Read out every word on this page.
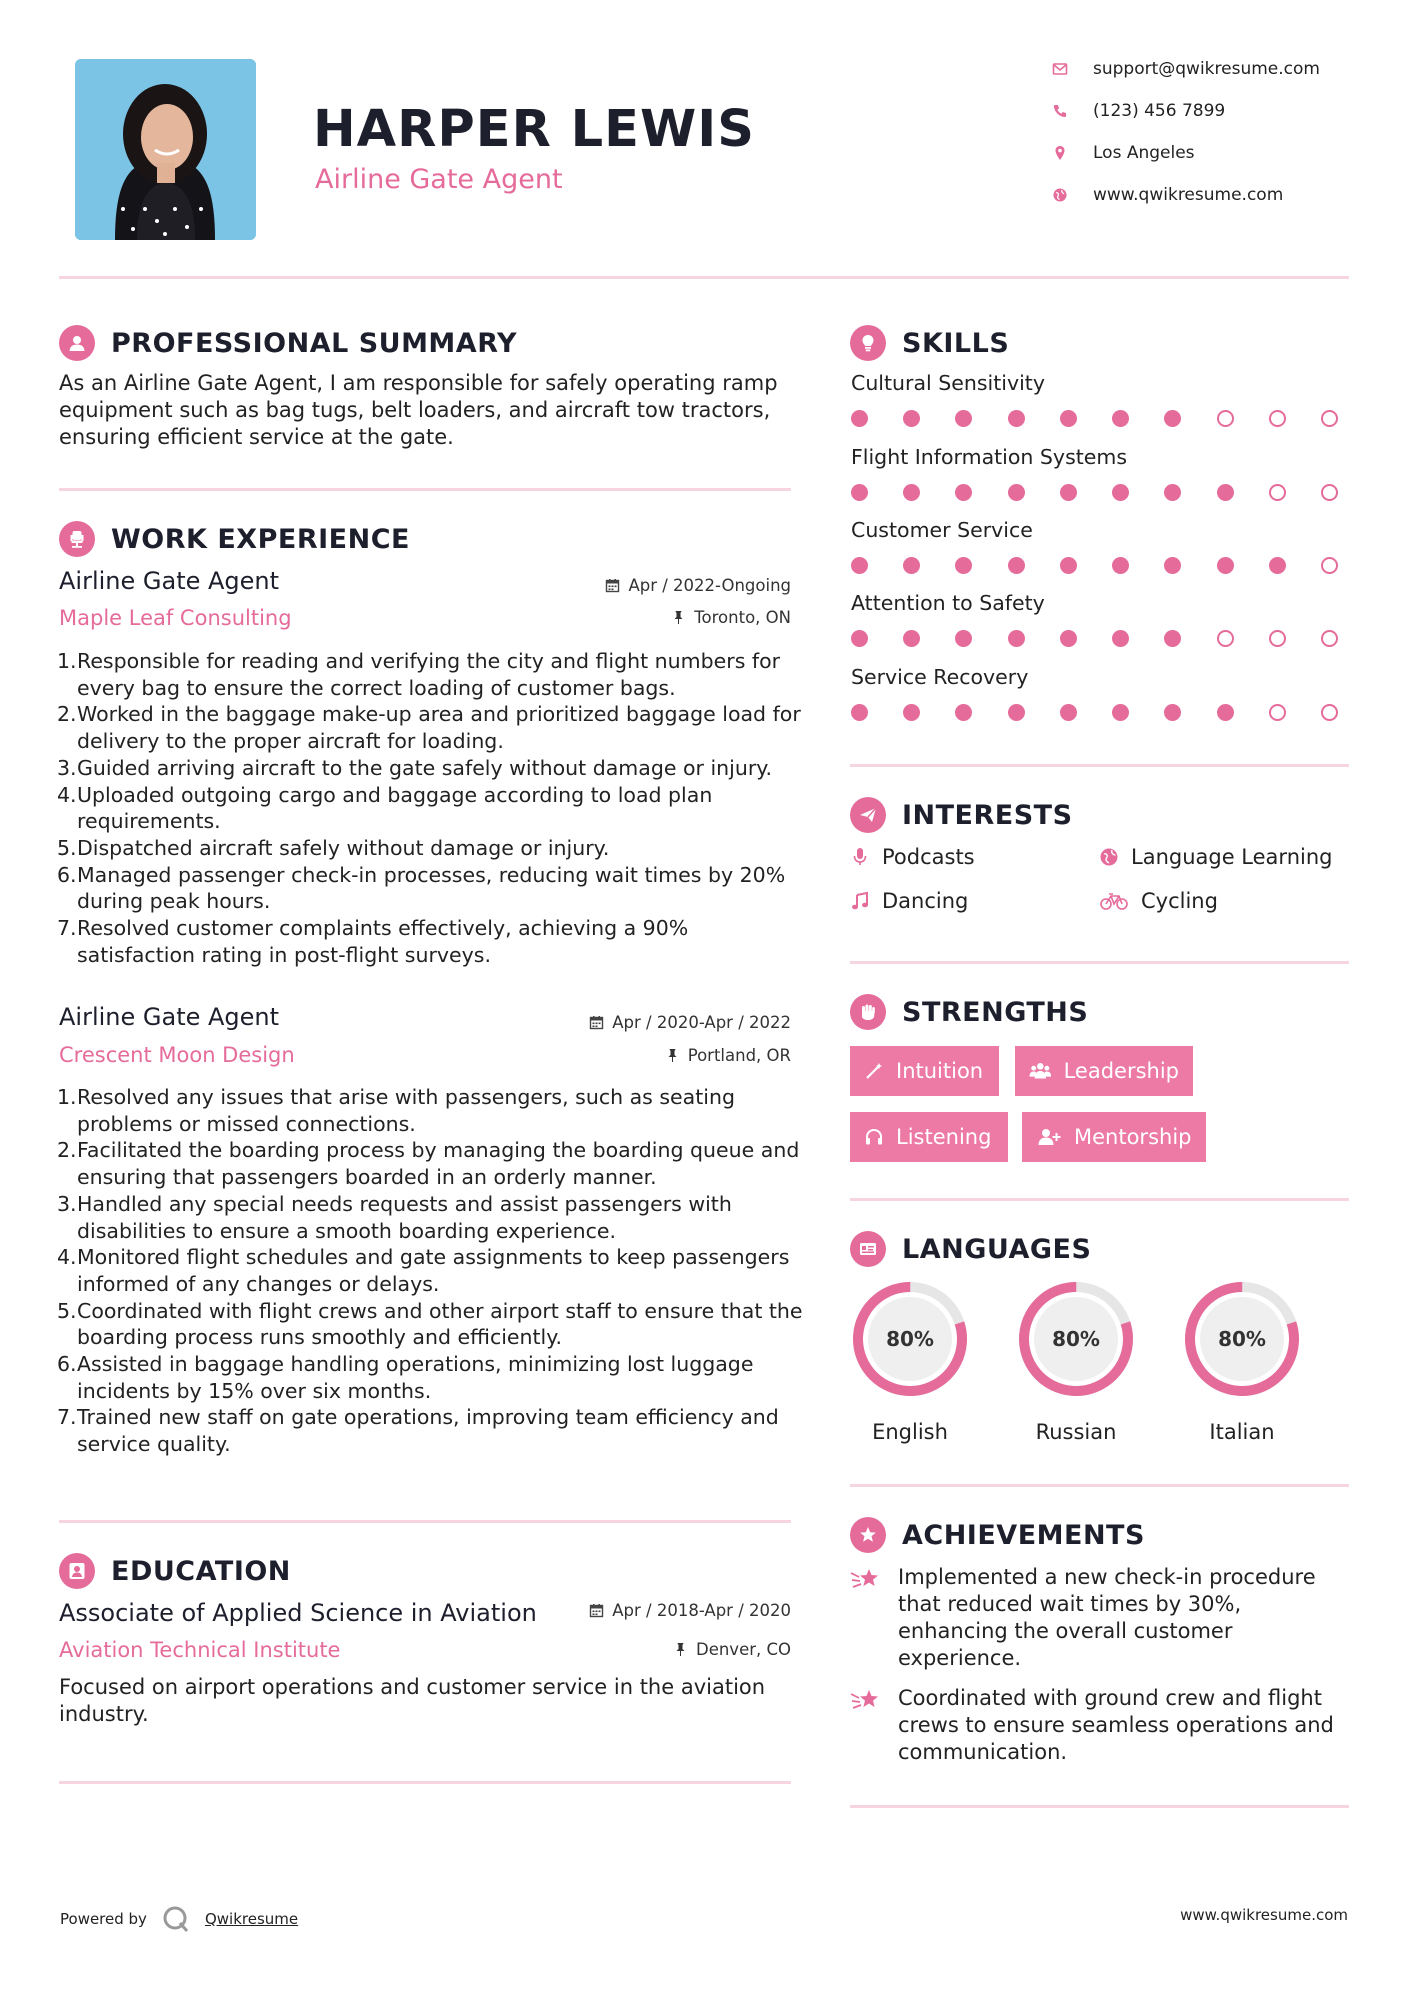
HARPER LEWIS
Airline Gate Agent
support@qwikresume.com
(123) 456 7899
Los Angeles
www.qwikresume.com
PROFESSIONAL SUMMARY
As an Airline Gate Agent, I am responsible for safely operating ramp equipment such as bag tugs, belt loaders, and aircraft tow tractors, ensuring efficient service at the gate.
WORK EXPERIENCE
Airline Gate Agent	Apr / 2022-Ongoing
Maple Leaf Consulting	Toronto, ON
1. Responsible for reading and verifying the city and flight numbers for every bag to ensure the correct loading of customer bags.
2. Worked in the baggage make-up area and prioritized baggage load for delivery to the proper aircraft for loading.
3. Guided arriving aircraft to the gate safely without damage or injury.
4. Uploaded outgoing cargo and baggage according to load plan requirements.
5. Dispatched aircraft safely without damage or injury.
6. Managed passenger check-in processes, reducing wait times by 20% during peak hours.
7. Resolved customer complaints effectively, achieving a 90% satisfaction rating in post-flight surveys.
Airline Gate Agent	Apr / 2020-Apr / 2022
Crescent Moon Design	Portland, OR
1. Resolved any issues that arise with passengers, such as seating problems or missed connections.
2. Facilitated the boarding process by managing the boarding queue and ensuring that passengers boarded in an orderly manner.
3. Handled any special needs requests and assist passengers with disabilities to ensure a smooth boarding experience.
4. Monitored flight schedules and gate assignments to keep passengers informed of any changes or delays.
5. Coordinated with flight crews and other airport staff to ensure that the boarding process runs smoothly and efficiently.
6. Assisted in baggage handling operations, minimizing lost luggage incidents by 15% over six months.
7. Trained new staff on gate operations, improving team efficiency and service quality.
EDUCATION
Associate of Applied Science in Aviation	Apr / 2018-Apr / 2020
Aviation Technical Institute	Denver, CO
Focused on airport operations and customer service in the aviation industry.
SKILLS
Cultural Sensitivity
Flight Information Systems
Customer Service
Attention to Safety
Service Recovery
INTERESTS
Podcasts	Language Learning
Dancing	Cycling
STRENGTHS
Intuition	Leadership
Listening	Mentorship
LANGUAGES
80%
English
80%
Russian
80%
Italian
ACHIEVEMENTS
Implemented a new check-in procedure that reduced wait times by 30%, enhancing the overall customer experience.
Coordinated with ground crew and flight crews to ensure seamless operations and communication.
Powered by	Qwikresume	www.qwikresume.com
